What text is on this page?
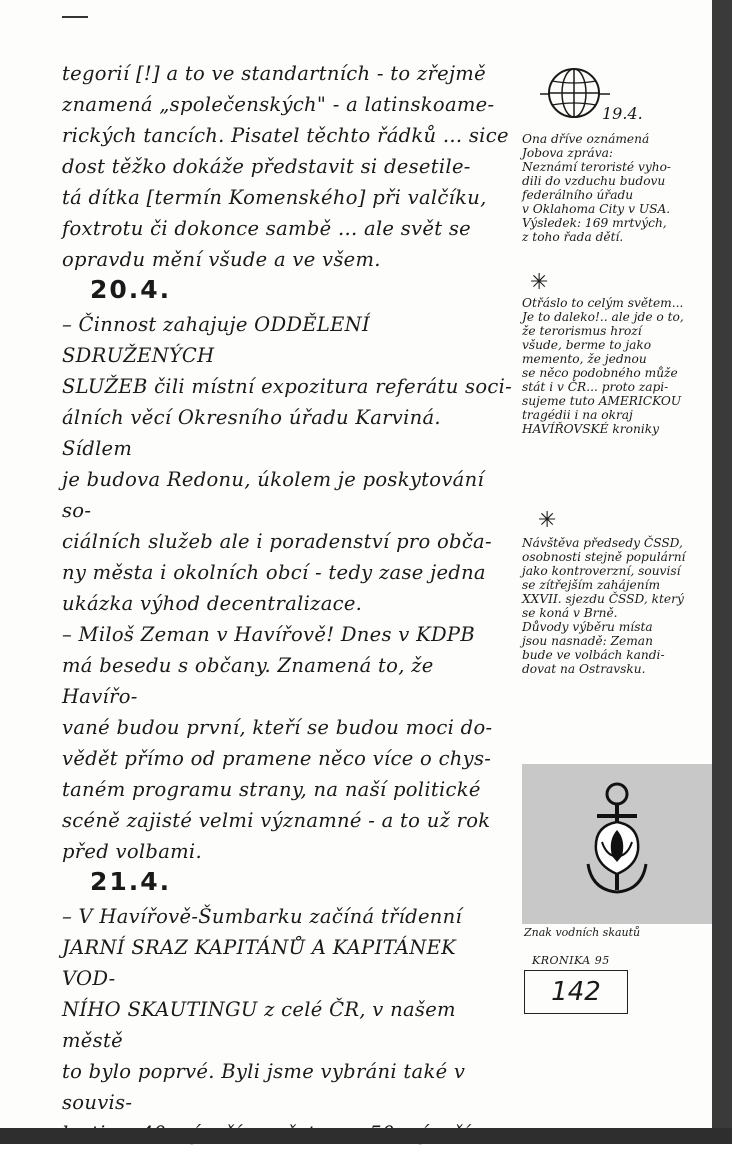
tegorií [!] a to ve standartních - to zřejmě
znamená „společenských" - a latinskoame-
rických tancích. Pisatel těchto řádků ... sice
dost těžko dokáže představit si desetile-
tá dítka [termín Komenského] při valčíku,
foxtrotu či dokonce sambě ... ale svět se
opravdu mění všude a ve všem.

20.4.

– Činnost zahajuje ODDĚLENÍ SDRUŽENÝCH
SLUŽEB čili místní expozitura referátu soci-
álních věcí Okresního úřadu Karviná. Sídlem
je budova Redonu, úkolem je poskytování so-
ciálních služeb ale i poradenství pro obča-
ny města i okolních obcí - tedy zase jedna
ukázka výhod decentralizace.

– Miloš Zeman v Havířově! Dnes v KDPB
má besedu s občany. Znamená to, že Havířo-
vané budou první, kteří se budou moci do-
vědět přímo od pramene něco více o chys-
taném programu strany, na naší politické
scéně zajisté velmi významné - a to už rok
před volbami.

21.4.

– V Havířově-Šumbarku začíná třídenní
JARNÍ SRAZ KAPITÁNŮ A KAPITÁNEK VOD-
NÍHO SKAUTINGU z celé ČR, v našem městě
to bylo poprvé. Byli jsme vybráni také v souvis-

19.4.
Ona dříve oznámená
Jobova zpráva:
Neznámí teroristé vyho-
dili do vzduchu budovu
federálního úřadu
v Oklahoma City v USA.
Výsledek: 169 mrtvých,
z toho řada dětí.
✳
Otřáslo to celým světem...
Je to daleko!.. ale jde o to,
že terorismus hrozí
všude, berme to jako
memento, že jednou
se něco podobného může
stát i v ČR... proto zapi-
sujeme tuto AMERICKOU
tragédii i na okraj
HAVÍŘOVSKÉ kroniky
✳
Návštěva předsedy ČSSD,
osobnosti stejně populární
jako kontroverzní, souvisí
se zítřejším zahájením
XXVII. sjezdu ČSSD, který
se koná v Brně.
Důvody výběru místa
jsou nasnadě: Zeman
bude ve volbách kandi-
dovat na Ostravsku.
Znak vodních skautů
KRONIKA 95
142
